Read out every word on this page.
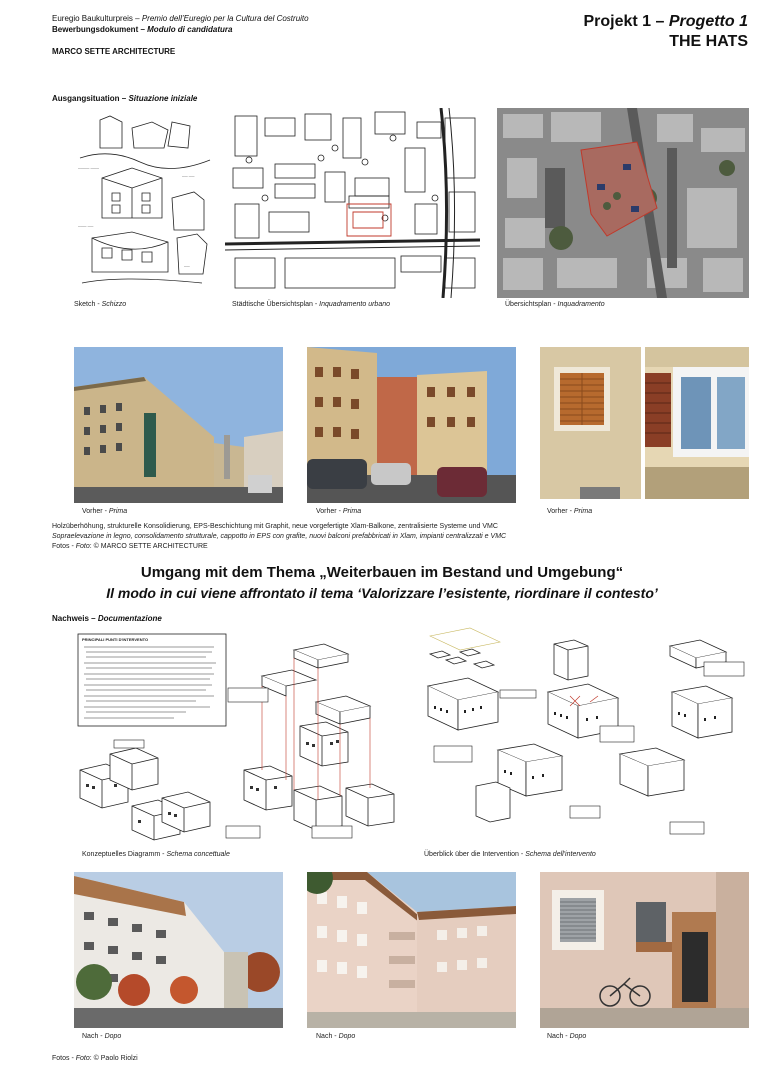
Euregio Baukulturpreis – Premio dell’Euregio per la Cultura del Costruito
Bewerbungsdokument – Modulo di candidatura
MARCO SETTE ARCHITECTURE
Projekt 1 – Progetto 1
THE HATS
Ausgangsituation – Situazione iniziale
──── ───
── ──
─── ──
──
Sketch - Schizzo	Städtische Übersichtsplan - Inquadramento urbano	Übersichtsplan - Inquadramento
Vorher - Prima	Vorher - Prima	Vorher - Prima
Holzüberhöhung, strukturelle Konsolidierung, EPS-Beschichtung mit Graphit, neue vorgefertigte Xlam-Balkone, zentralisierte Systeme und VMC
Sopraelevazione in legno, consolidamento strutturale, cappotto in EPS con grafite, nuovi balconi prefabbricati in Xlam, impianti centralizzati e VMC
Fotos - Foto: © MARCO SETTE ARCHITECTURE
Umgang mit dem Thema „Weiterbauen im Bestand und Umgebung“
Il modo in cui viene affrontato il tema ‘Valorizzare l’esistente, riordinare il contesto’
Nachweis – Documentazione
PRINCIPALI PUNTI D'INTERVENTO
Konzeptuelles Diagramm - Schema concettuale	Überblick über die Intervention - Schema dell'intervento
Nach - Dopo	Nach - Dopo	Nach - Dopo
Fotos - Foto: © Paolo Riolzi
